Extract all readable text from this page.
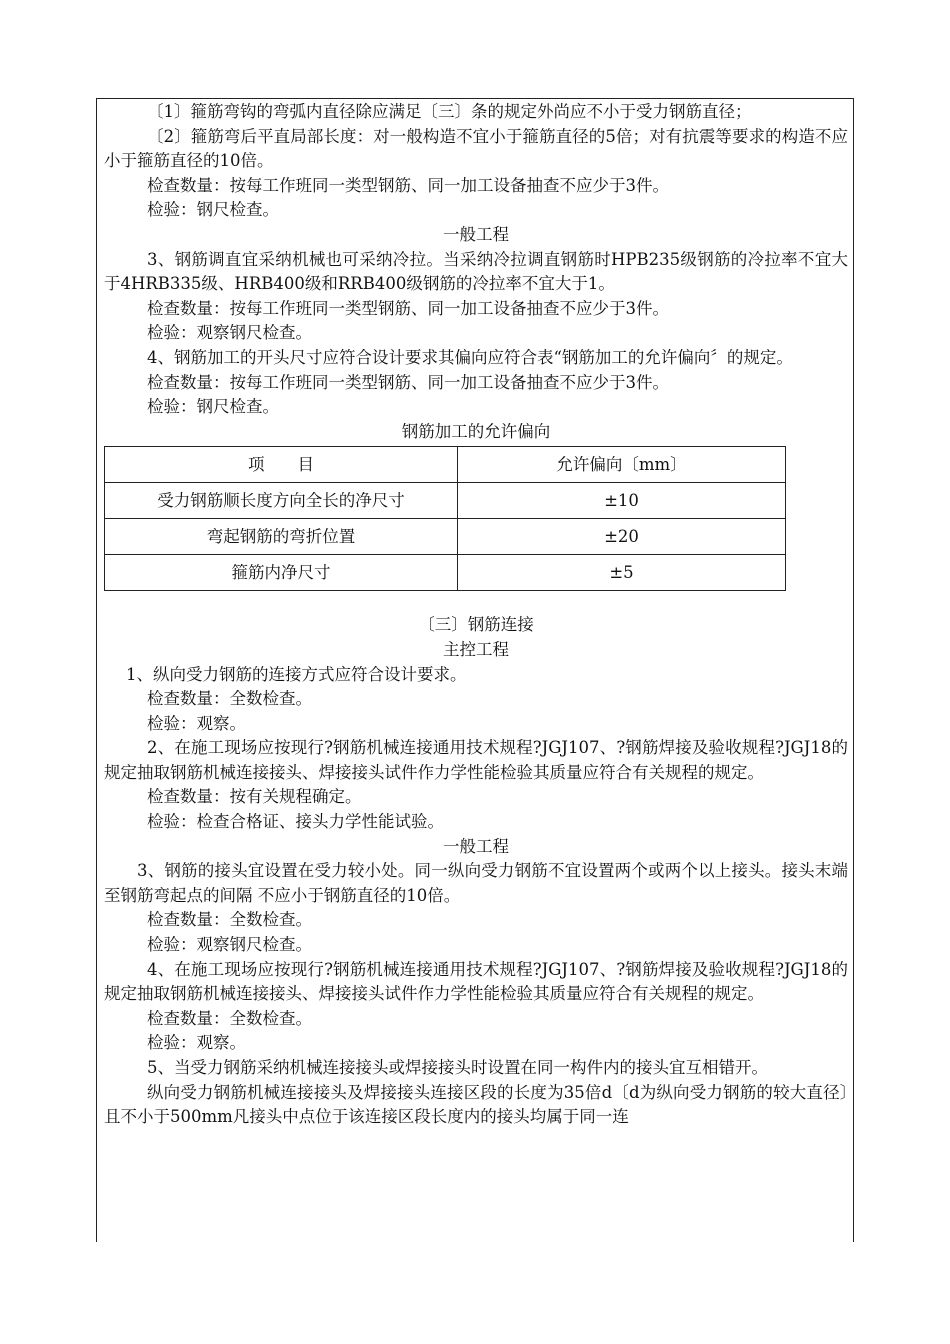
〔1〕箍筋弯钩的弯弧内直径除应满足〔三〕条的规定外尚应不小于受力钢筋直径；

〔2〕箍筋弯后平直局部长度：对一般构造不宜小于箍筋直径的5倍；对有抗震等要求的构造不应小于箍筋直径的10倍。

检查数量：按每工作班同一类型钢筋、同一加工设备抽查不应少于3件。

检验：钢尺检查。

一般工程

3、钢筋调直宜采纳机械也可采纳冷拉。当采纳冷拉调直钢筋时HPB235级钢筋的冷拉率不宜大于4HRB335级、HRB400级和RRB400级钢筋的冷拉率不宜大于1。

检查数量：按每工作班同一类型钢筋、同一加工设备抽查不应少于3件。

检验：观察钢尺检查。

4、钢筋加工的开头尺寸应符合设计要求其偏向应符合表“钢筋加工的允许偏向〞的规定。

检查数量：按每工作班同一类型钢筋、同一加工设备抽查不应少于3件。

检验：钢尺检查。

钢筋加工的允许偏向

项　　目	允许偏向〔mm〕
受力钢筋顺长度方向全长的净尺寸	±10
弯起钢筋的弯折位置	±20
箍筋内净尺寸	±5

〔三〕钢筋连接

主控工程

1、纵向受力钢筋的连接方式应符合设计要求。

检查数量：全数检查。

检验：观察。

2、在施工现场应按现行?钢筋机械连接通用技术规程?JGJ107、?钢筋焊接及验收规程?JGJ18的规定抽取钢筋机械连接接头、焊接接头试件作力学性能检验其质量应符合有关规程的规定。

检查数量：按有关规程确定。

检验：检查合格证、接头力学性能试验。

一般工程

3、钢筋的接头宜设置在受力较小处。同一纵向受力钢筋不宜设置两个或两个以上接头。接头末端至钢筋弯起点的间隔 不应小于钢筋直径的10倍。

检查数量：全数检查。

检验：观察钢尺检查。

4、在施工现场应按现行?钢筋机械连接通用技术规程?JGJ107、?钢筋焊接及验收规程?JGJ18的规定抽取钢筋机械连接接头、焊接接头试件作力学性能检验其质量应符合有关规程的规定。

检查数量：全数检查。

检验：观察。

5、当受力钢筋采纳机械连接接头或焊接接头时设置在同一构件内的接头宜互相错开。

纵向受力钢筋机械连接接头及焊接接头连接区段的长度为35倍d〔d为纵向受力钢筋的较大直径〕且不小于500mm凡接头中点位于该连接区段长度内的接头均属于同一连
